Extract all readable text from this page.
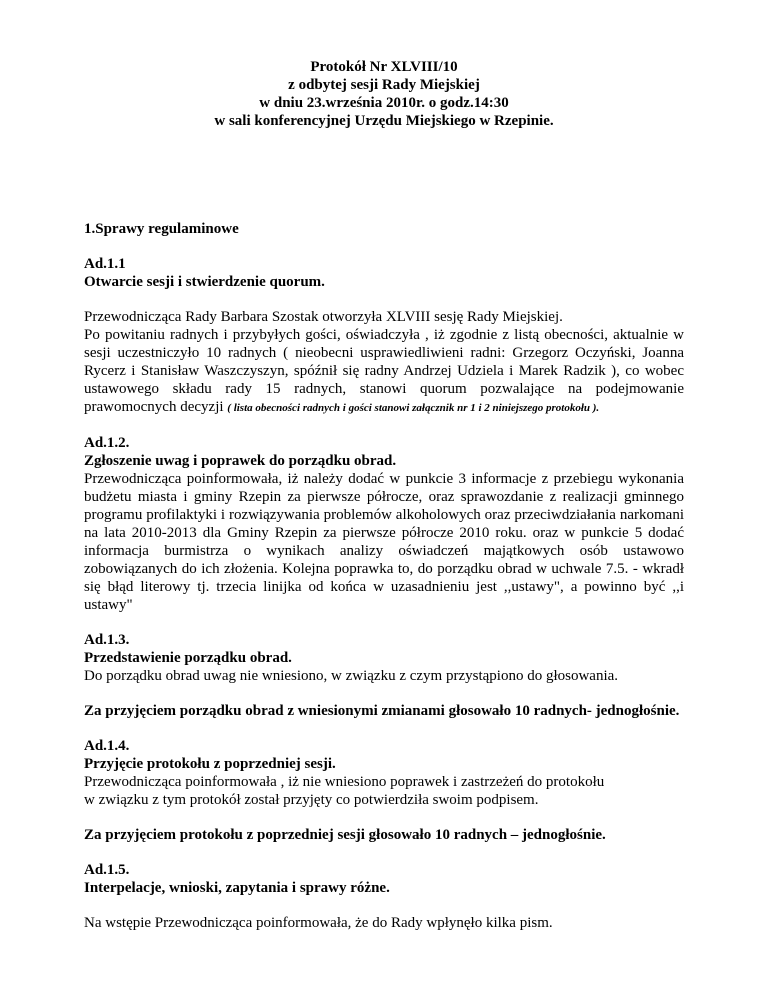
Protokół Nr XLVIII/10
z odbytej sesji Rady Miejskiej
w dniu 23.września 2010r. o godz.14:30
w sali konferencyjnej Urzędu Miejskiego w Rzepinie.
1.Sprawy regulaminowe
Ad.1.1
Otwarcie sesji i stwierdzenie quorum.
Przewodnicząca Rady Barbara Szostak otworzyła XLVIII sesję Rady Miejskiej.
Po powitaniu radnych i przybyłych gości, oświadczyła , iż zgodnie z listą obecności, aktualnie w sesji uczestniczyło 10 radnych ( nieobecni usprawiedliwieni radni: Grzegorz Oczyński, Joanna Rycerz i Stanisław Waszczyszyn, spóźnił się radny Andrzej Udziela i Marek Radzik ), co wobec ustawowego składu rady 15 radnych, stanowi quorum pozwalające na podejmowanie prawomocnych decyzji ( lista obecności radnych i gości stanowi załącznik nr 1 i 2 niniejszego protokołu ).
Ad.1.2.
Zgłoszenie uwag i poprawek do porządku obrad.
Przewodnicząca poinformowała, iż należy dodać w punkcie 3 informacje z przebiegu wykonania budżetu miasta i gminy Rzepin za pierwsze półrocze, oraz sprawozdanie z realizacji gminnego programu profilaktyki i rozwiązywania problemów alkoholowych oraz przeciwdziałania narkomani na lata 2010-2013 dla Gminy Rzepin za pierwsze półrocze 2010 roku. oraz w punkcie 5 dodać informacja burmistrza o wynikach analizy oświadczeń majątkowych osób ustawowo zobowiązanych do ich złożenia. Kolejna poprawka to, do porządku obrad w uchwale 7.5. - wkradł się błąd literowy tj. trzecia linijka od końca w uzasadnieniu jest ,,ustawy", a powinno być ,,i ustawy"
Ad.1.3.
Przedstawienie porządku obrad.
Do porządku obrad uwag nie wniesiono, w związku z czym przystąpiono do głosowania.
Za przyjęciem porządku obrad z wniesionymi zmianami głosowało 10 radnych- jednogłośnie.
Ad.1.4.
Przyjęcie protokołu z poprzedniej sesji.
Przewodnicząca poinformowała , iż nie wniesiono poprawek i zastrzeżeń do protokołu
w związku z tym protokół został przyjęty co potwierdziła swoim podpisem.
Za przyjęciem protokołu z poprzedniej sesji głosowało 10 radnych – jednogłośnie.
Ad.1.5.
Interpelacje, wnioski, zapytania i sprawy różne.
Na wstępie Przewodnicząca poinformowała, że do Rady wpłynęło kilka pism.
